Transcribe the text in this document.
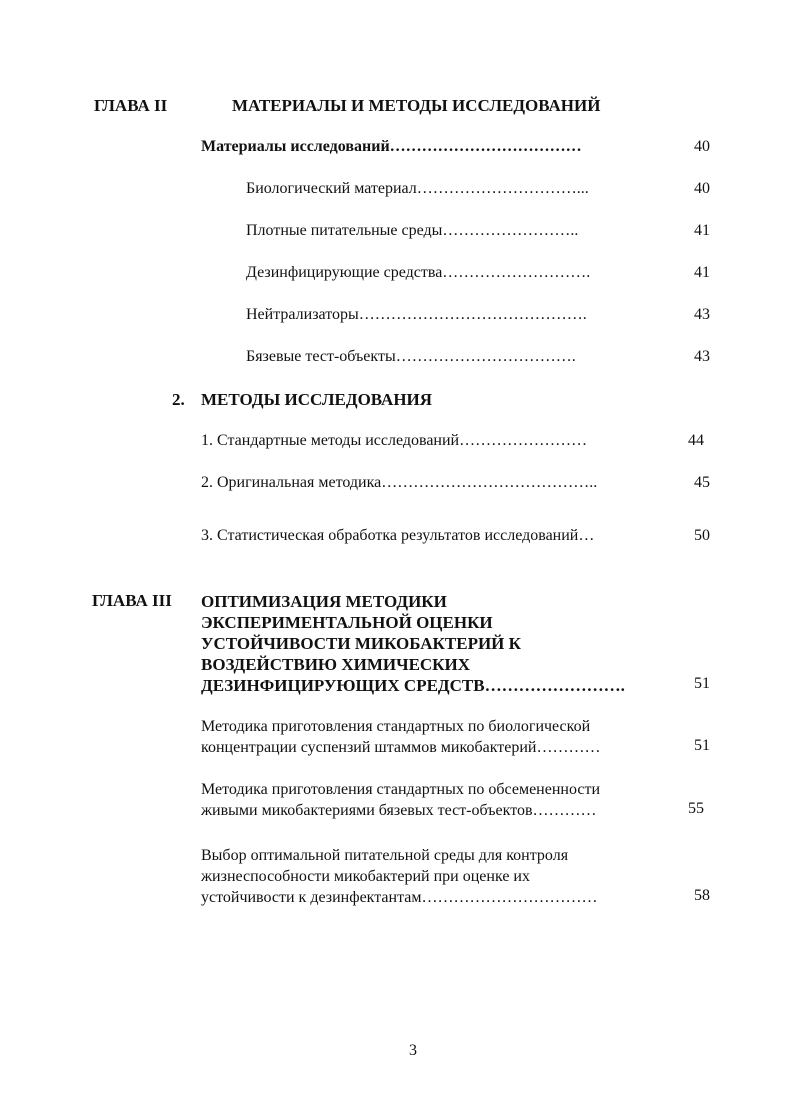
ГЛАВА II	МАТЕРИАЛЫ И МЕТОДЫ ИССЛЕДОВАНИЙ
Материалы исследований………………………………	40
Биологический материал…………………………...	40
Плотные питательные среды……………………..	41
Дезинфицирующие средства……………………….	41
Нейтрализаторы…………………………………….	43
Бязевые тест-объекты…………………………….	43
2. МЕТОДЫ ИССЛЕДОВАНИЯ
1. Стандартные методы исследований……………………	44
2. Оригинальная методика…………………………………..	45
3. Статистическая обработка результатов исследований…	50
ГЛАВА III ОПТИМИЗАЦИЯ МЕТОДИКИ
ЭКСПЕРИМЕНТАЛЬНОЙ ОЦЕНКИ
УСТОЙЧИВОСТИ МИКОБАКТЕРИЙ К
ВОЗДЕЙСТВИЮ ХИМИЧЕСКИХ
ДЕЗИНФИЦИРУЮЩИХ СРЕДСТВ…………………….	51
Методика приготовления стандартных по биологической
концентрации суспензий штаммов микобактерий…………	51
Методика приготовления стандартных по обсемененности
живыми микобактериями бязевых тест-объектов…………	55
Выбор оптимальной питательной среды для контроля
жизнеспособности микобактерий при оценке их
устойчивости к дезинфектантам……………………………	58
3
